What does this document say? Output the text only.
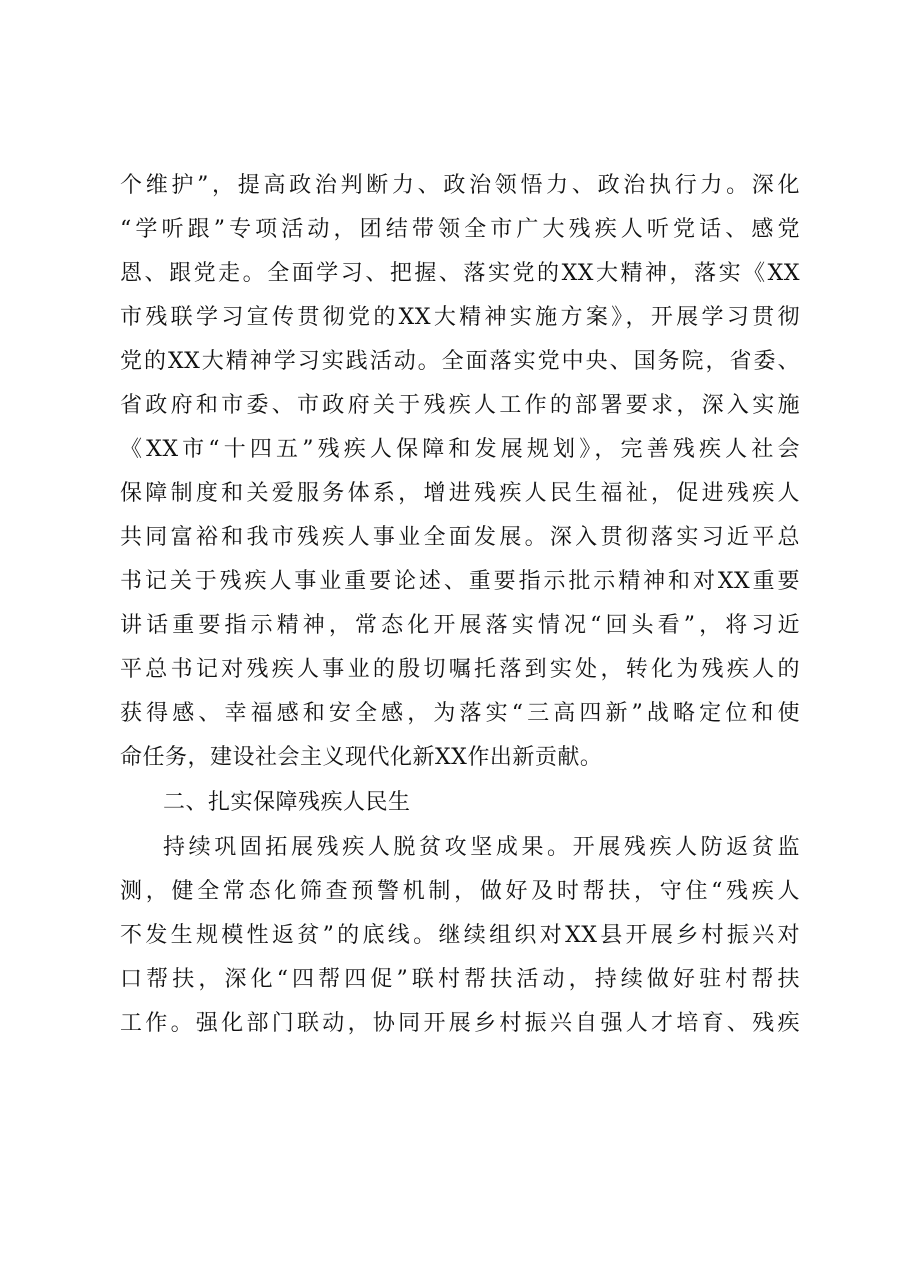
个维护”，提高政治判断力、政治领悟力、政治执行力。深化
“学听跟”专项活动，团结带领全市广大残疾人听党话、感党
恩、跟党走。全面学习、把握、落实党的XX大精神，落实《XX
市残联学习宣传贯彻党的XX大精神实施方案》，开展学习贯彻
党的XX大精神学习实践活动。全面落实党中央、国务院，省委、
省政府和市委、市政府关于残疾人工作的部署要求，深入实施
《XX市“十四五”残疾人保障和发展规划》，完善残疾人社会
保障制度和关爱服务体系，增进残疾人民生福祉，促进残疾人
共同富裕和我市残疾人事业全面发展。深入贯彻落实习近平总
书记关于残疾人事业重要论述、重要指示批示精神和对XX重要
讲话重要指示精神，常态化开展落实情况“回头看”，将习近
平总书记对残疾人事业的殷切嘱托落到实处，转化为残疾人的
获得感、幸福感和安全感，为落实“三高四新”战略定位和使
命任务，建设社会主义现代化新XX作出新贡献。
二、扎实保障残疾人民生
持续巩固拓展残疾人脱贫攻坚成果。开展残疾人防返贫监
测，健全常态化筛查预警机制，做好及时帮扶，守住“残疾人
不发生规模性返贫”的底线。继续组织对XX县开展乡村振兴对
口帮扶，深化“四帮四促”联村帮扶活动，持续做好驻村帮扶
工作。强化部门联动，协同开展乡村振兴自强人才培育、残疾
